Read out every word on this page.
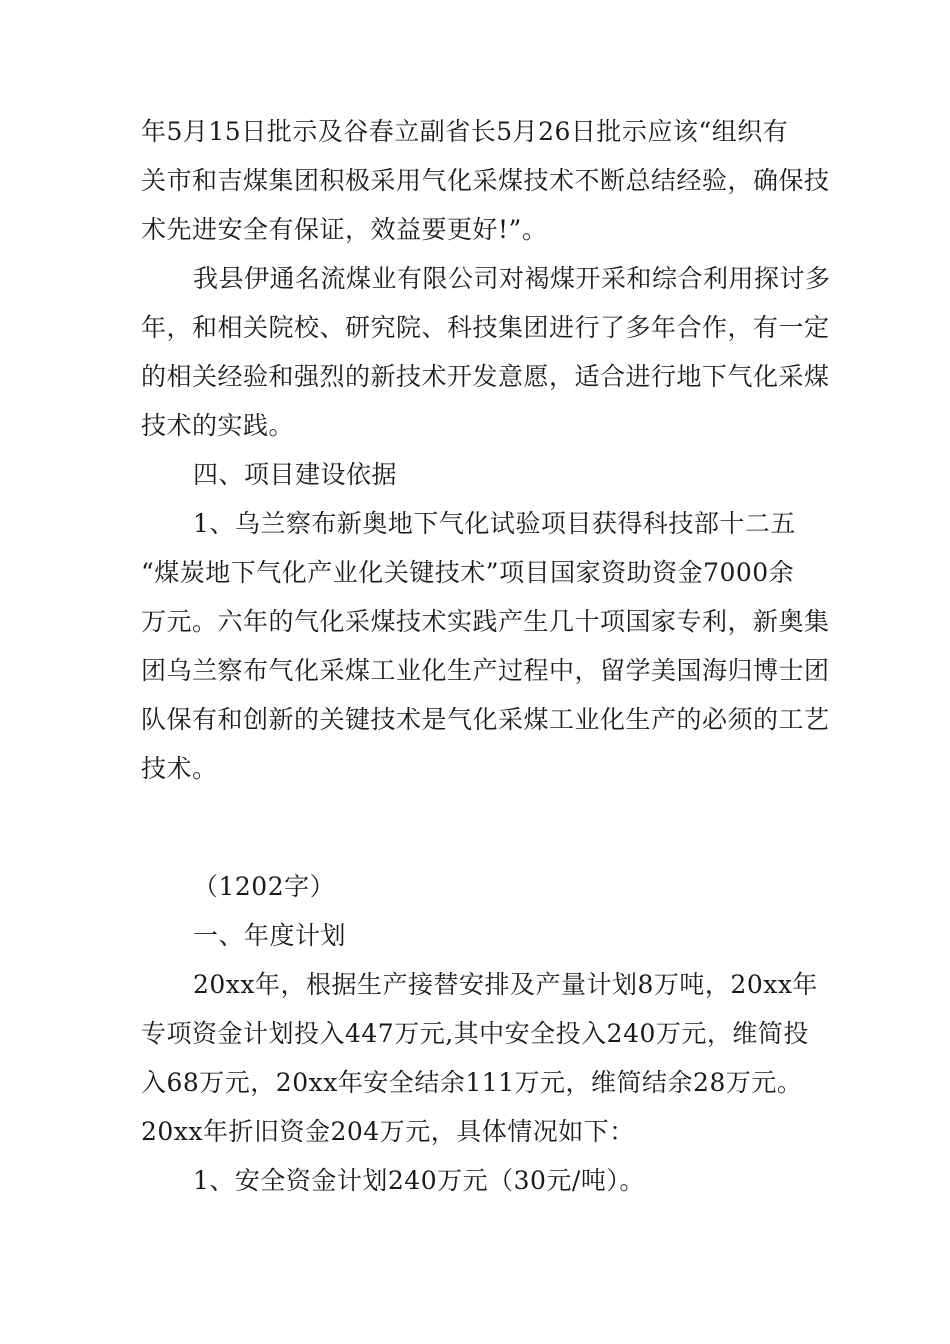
年5月15日批示及谷春立副省长5月26日批示应该“组织有
关市和吉煤集团积极采用气化采煤技术不断总结经验，确保技
术先进安全有保证，效益要更好!”。
我县伊通名流煤业有限公司对褐煤开采和综合利用探讨多
年，和相关院校、研究院、科技集团进行了多年合作，有一定
的相关经验和强烈的新技术开发意愿，适合进行地下气化采煤
技术的实践。
四、项目建设依据
1、乌兰察布新奥地下气化试验项目获得科技部十二五
“煤炭地下气化产业化关键技术”项目国家资助资金7000余
万元。六年的气化采煤技术实践产生几十项国家专利，新奥集
团乌兰察布气化采煤工业化生产过程中，留学美国海归博士团
队保有和创新的关键技术是气化采煤工业化生产的必须的工艺
技术。
（1202字）
一、年度计划
20xx年，根据生产接替安排及产量计划8万吨，20xx年
专项资金计划投入447万元,其中安全投入240万元，维简投
入68万元，20xx年安全结余111万元，维简结余28万元。
20xx年折旧资金204万元，具体情况如下：
1、安全资金计划240万元（30元/吨）。
